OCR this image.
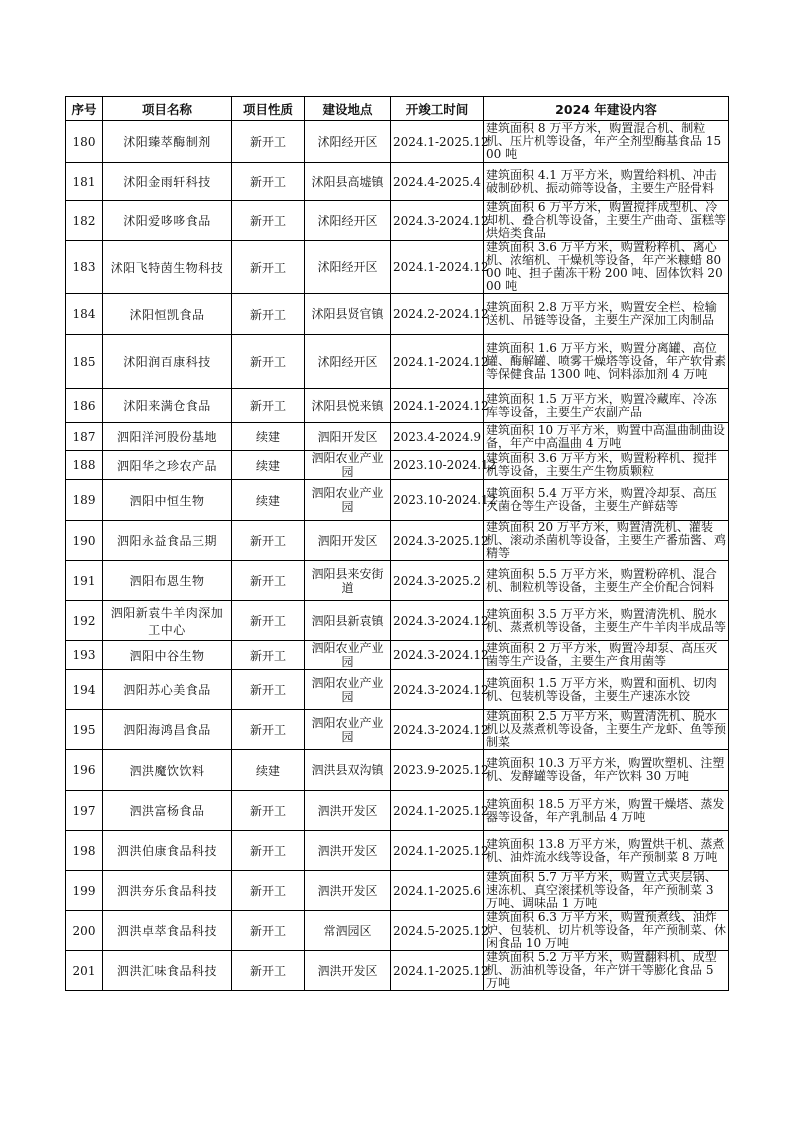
序号	项目名称	项目性质	建设地点	开竣工时间	2024 年建设内容
180	沭阳臻萃酶制剂	新开工	沭阳经开区	2024.1-2025.12	建筑面积 8 万平方米，购置混合机、制粒机、压片机等设备，年产全剂型酶基食品 1500 吨
181	沭阳金雨轩科技	新开工	沭阳县高墟镇	2024.4-2025.4	建筑面积 4.1 万平方米，购置给料机、冲击破制砂机、振动筛等设备，主要生产胫骨料
182	沭阳爱哆哆食品	新开工	沭阳经开区	2024.3-2024.12	建筑面积 6 万平方米，购置搅拌成型机、冷却机、叠合机等设备，主要生产曲奇、蛋糕等烘焙类食品
183	沭阳飞特茵生物科技	新开工	沭阳经开区	2024.1-2024.12	建筑面积 3.6 万平方米，购置粉粹机、离心机、浓缩机、干燥机等设备，年产米糠蜡 8000 吨、担子菌冻干粉 200 吨、固体饮料 2000 吨
184	沭阳恒凯食品	新开工	沭阳县贤官镇	2024.2-2024.12	建筑面积 2.8 万平方米，购置安全栏、检输送机、吊链等设备，主要生产深加工肉制品
185	沭阳润百康科技	新开工	沭阳经开区	2024.1-2024.12	建筑面积 1.6 万平方米，购置分离罐、高位罐、酶解罐、喷雾干燥塔等设备，年产软骨素等保健食品 1300 吨、饲料添加剂 4 万吨
186	沭阳来满仓食品	新开工	沭阳县悦来镇	2024.1-2024.12	建筑面积 1.5 万平方米，购置冷藏库、冷冻库等设备，主要生产农副产品
187	泗阳洋河股份基地	续建	泗阳开发区	2023.4-2024.9	建筑面积 10 万平方米，购置中高温曲制曲设备，年产中高温曲 4 万吨
188	泗阳华之珍农产品	续建	泗阳农业产业园	2023.10-2024.12	建筑面积 3.6 万平方米，购置粉粹机、搅拌机等设备，主要生产生物质颗粒
189	泗阳中恒生物	续建	泗阳农业产业园	2023.10-2024.12	建筑面积 5.4 万平方米，购置冷却泵、高压灭菌仓等生产设备，主要生产鲜菇等
190	泗阳永益食品三期	新开工	泗阳开发区	2024.3-2025.12	建筑面积 20 万平方米，购置清洗机、灌装机、滚动杀菌机等设备，主要生产番茄酱、鸡精等
191	泗阳布恩生物	新开工	泗阳县来安街道	2024.3-2025.2	建筑面积 5.5 万平方米，购置粉碎机、混合机、制粒机等设备，主要生产全价配合饲料
192	泗阳新袁牛羊肉深加工中心	新开工	泗阳县新袁镇	2024.3-2024.12	建筑面积 3.5 万平方米，购置清洗机、脱水机、蒸煮机等设备，主要生产牛羊肉半成品等
193	泗阳中谷生物	新开工	泗阳农业产业园	2024.3-2024.12	建筑面积 2 万平方米，购置冷却泵、高压灭菌等生产设备，主要生产食用菌等
194	泗阳苏心美食品	新开工	泗阳农业产业园	2024.3-2024.12	建筑面积 1.5 万平方米，购置和面机、切肉机、包装机等设备，主要生产速冻水饺
195	泗阳海鸿昌食品	新开工	泗阳农业产业园	2024.3-2024.12	建筑面积 2.5 万平方米，购置清洗机、脱水机以及蒸煮机等设备，主要生产龙虾、鱼等预制菜
196	泗洪魔饮饮料	续建	泗洪县双沟镇	2023.9-2025.12	建筑面积 10.3 万平方米，购置吹塑机、注塑机、发酵罐等设备，年产饮料 30 万吨
197	泗洪富杨食品	新开工	泗洪开发区	2024.1-2025.12	建筑面积 18.5 万平方米，购置干燥塔、蒸发器等设备，年产乳制品 4 万吨
198	泗洪伯康食品科技	新开工	泗洪开发区	2024.1-2025.12	建筑面积 13.8 万平方米，购置烘干机、蒸煮机、油炸流水线等设备，年产预制菜 8 万吨
199	泗洪夯乐食品科技	新开工	泗洪开发区	2024.1-2025.6	建筑面积 5.7 万平方米，购置立式夹层锅、速冻机、真空滚揉机等设备，年产预制菜 3 万吨、调味品 1 万吨
200	泗洪卓萃食品科技	新开工	常泗园区	2024.5-2025.12	建筑面积 6.3 万平方米，购置预煮线、油炸炉、包装机、切片机等设备，年产预制菜、休闲食品 10 万吨
201	泗洪汇味食品科技	新开工	泗洪开发区	2024.1-2025.12	建筑面积 5.2 万平方米，购置翻料机、成型机、沥油机等设备，年产饼干等膨化食品 5 万吨
